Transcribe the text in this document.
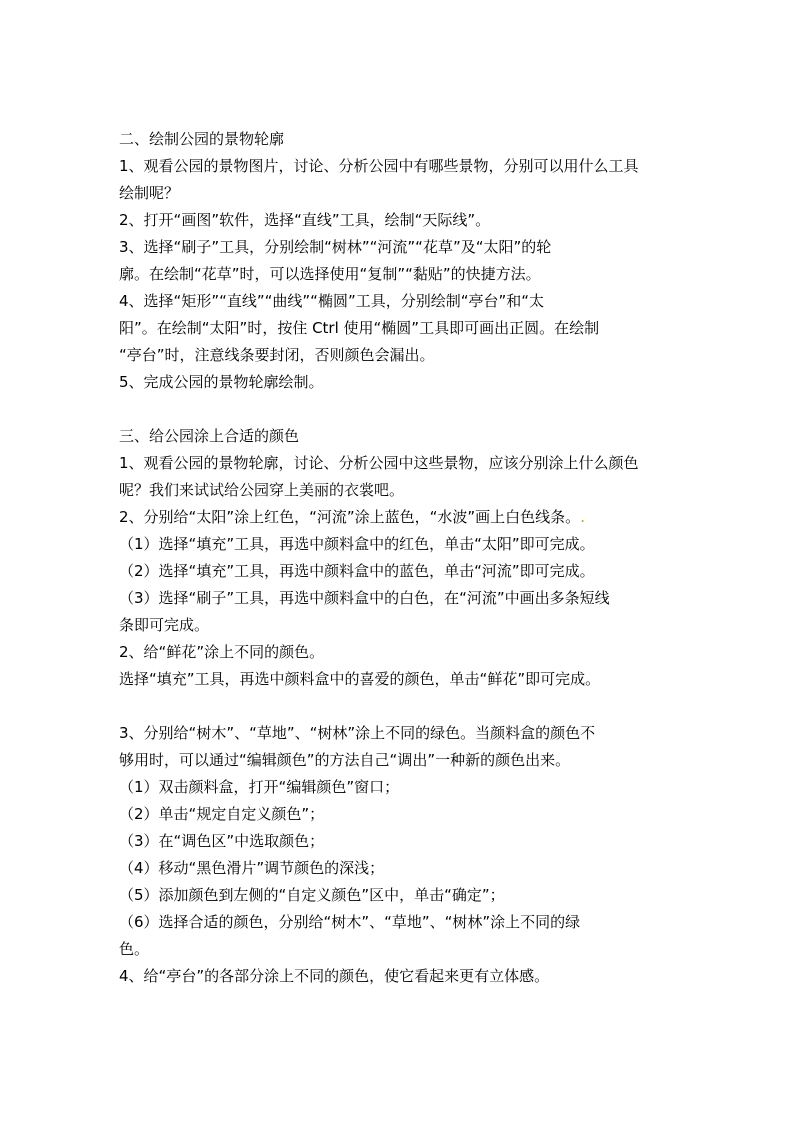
二、绘制公园的景物轮廓
1、观看公园的景物图片，讨论、分析公园中有哪些景物，分别可以用什么工具
绘制呢？
2、打开“画图”软件，选择“直线”工具，绘制“天际线”。
3、选择“刷子”工具，分别绘制“树林”“河流”“花草”及“太阳”的轮
廓。在绘制“花草”时，可以选择使用“复制”“黏贴”的快捷方法。
4、选择“矩形”“直线”“曲线”“椭圆”工具，分别绘制“亭台”和“太
阳”。在绘制“太阳”时，按住 Ctrl 使用“椭圆”工具即可画出正圆。在绘制
“亭台”时，注意线条要封闭，否则颜色会漏出。
5、完成公园的景物轮廓绘制。
三、给公园涂上合适的颜色
1、观看公园的景物轮廓，讨论、分析公园中这些景物，应该分别涂上什么颜色
呢？我们来试试给公园穿上美丽的衣裳吧。
2、分别给“太阳”涂上红色，“河流”涂上蓝色，“水波”画上白色线条。.
（1）选择“填充”工具，再选中颜料盒中的红色，单击“太阳”即可完成。
（2）选择“填充”工具，再选中颜料盒中的蓝色，单击“河流”即可完成。
（3）选择“刷子”工具，再选中颜料盒中的白色，在“河流”中画出多条短线
条即可完成。
2、给“鲜花”涂上不同的颜色。
选择“填充”工具，再选中颜料盒中的喜爱的颜色，单击“鲜花”即可完成。
3、分别给“树木”、“草地”、“树林”涂上不同的绿色。当颜料盒的颜色不
够用时，可以通过“编辑颜色”的方法自己“调出”一种新的颜色出来。
（1）双击颜料盒，打开“编辑颜色”窗口；
（2）单击“规定自定义颜色”；
（3）在“调色区”中选取颜色；
（4）移动“黑色滑片”调节颜色的深浅；
（5）添加颜色到左侧的“自定义颜色”区中，单击“确定”；
（6）选择合适的颜色，分别给“树木”、“草地”、“树林”涂上不同的绿
色。
4、给“亭台”的各部分涂上不同的颜色，使它看起来更有立体感。
